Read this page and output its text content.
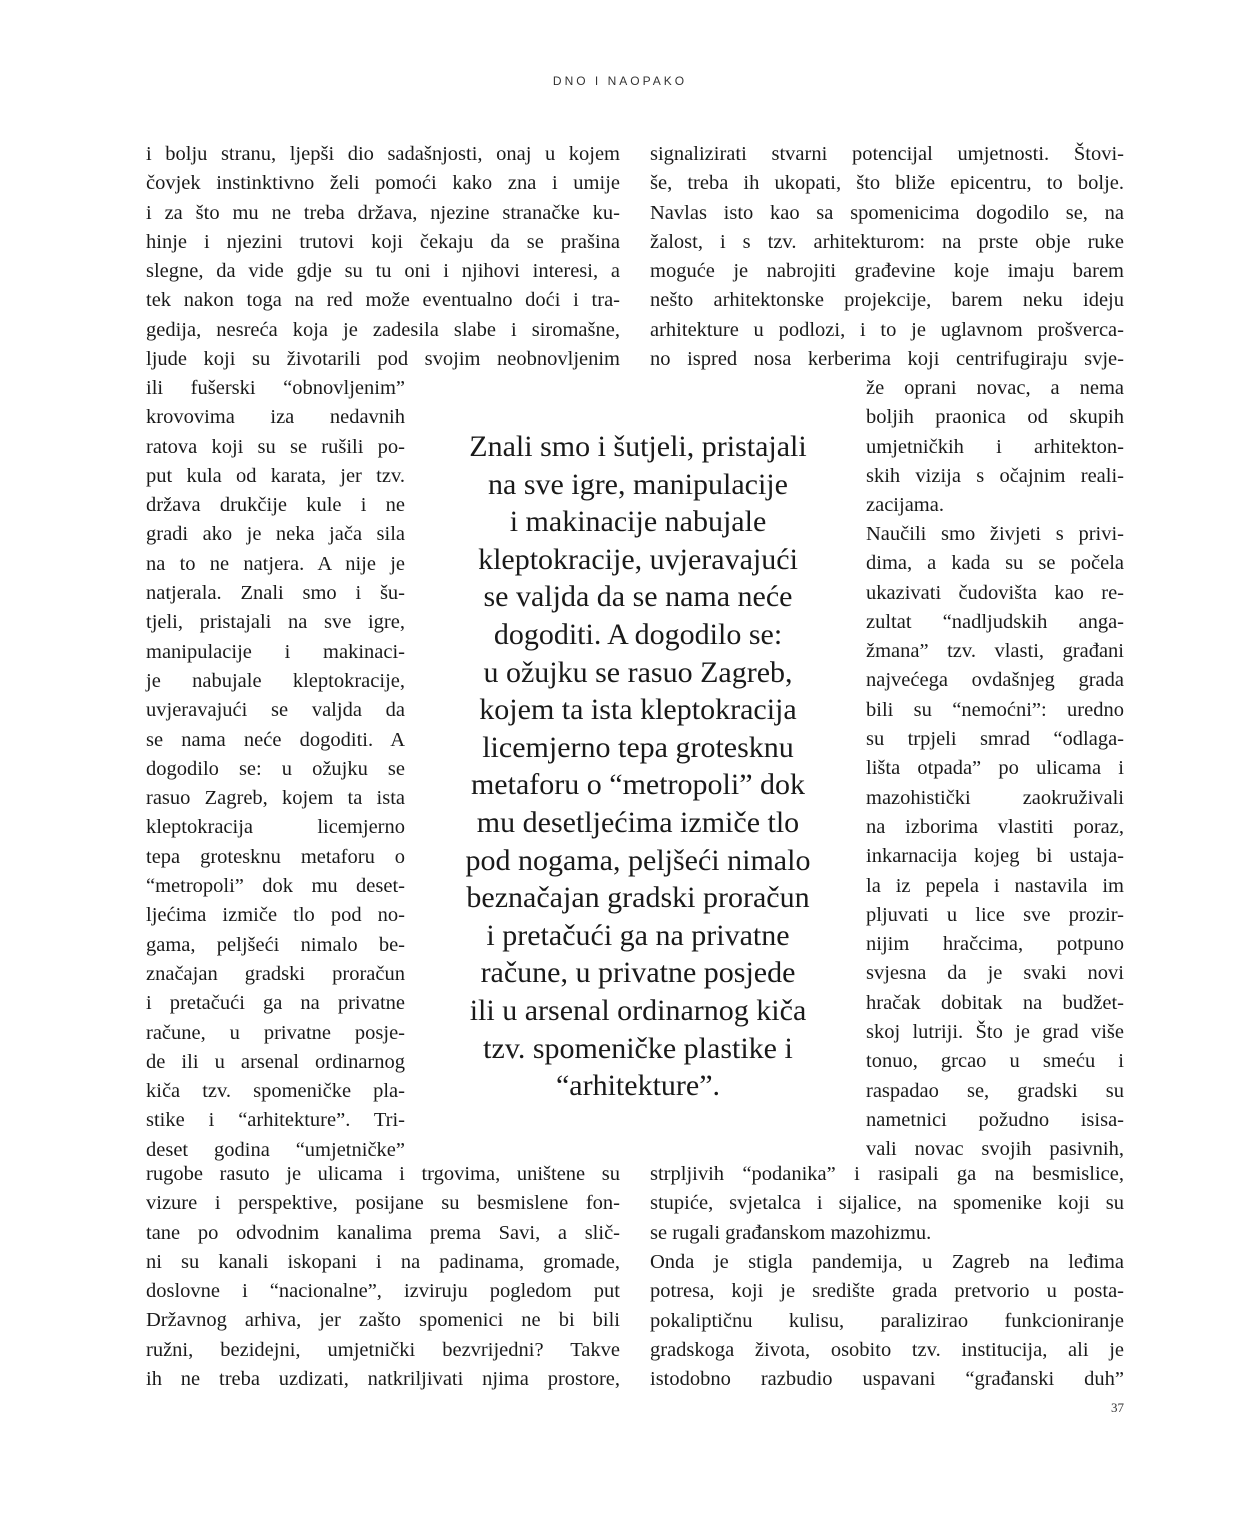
DNO I NAOPAKO
i bolju stranu, ljepši dio sadašnjosti, onaj u kojem
čovjek instinktivno želi pomoći kako zna i umije
i za što mu ne treba država, njezine stranačke ku-
hinje i njezini trutovi koji čekaju da se prašina
slegne, da vide gdje su tu oni i njihovi interesi, a
tek nakon toga na red može eventualno doći i tra-
gedija, nesreća koja je zadesila slabe i siromašne,
ljude koji su životarili pod svojim neobnovljenim
ili fušerski “obnovljenim”
krovovima iza nedavnih
ratova koji su se rušili po-
put kula od karata, jer tzv.
država drukčije kule i ne
gradi ako je neka jača sila
na to ne natjera. A nije je
natjerala. Znali smo i šu-
tjeli, pristajali na sve igre,
manipulacije i makinaci-
je nabujale kleptokracije,
uvjeravajući se valjda da
se nama neće dogoditi. A
dogodilo se: u ožujku se
rasuo Zagreb, kojem ta ista
kleptokracija licemjerno
tepa grotesknu metaforu o
“metropoli” dok mu deset-
ljećima izmiče tlo pod no-
gama, peljšeći nimalo be-
značajan gradski proračun
i pretačući ga na privatne
račune, u privatne posje-
de ili u arsenal ordinarnog
kiča tzv. spomeničke pla-
stike i “arhitekture”. Tri-
deset godina “umjetničke”
rugobe rasuto je ulicama i trgovima, uništene su
vizure i perspektive, posijane su besmislene fon-
tane po odvodnim kanalima prema Savi, a slič-
ni su kanali iskopani i na padinama, gromade,
doslovne i “nacionalne”, izviruju pogledom put
Državnog arhiva, jer zašto spomenici ne bi bili
ružni, bezidejni, umjetnički bezvrijedni? Takve
ih ne treba uzdizati, natkriljivati njima prostore,
signalizirati stvarni potencijal umjetnosti. Štovi-
še, treba ih ukopati, što bliže epicentru, to bolje.
Navlas isto kao sa spomenicima dogodilo se, na
žalost, i s tzv. arhitekturom: na prste obje ruke
moguće je nabrojiti građevine koje imaju barem
nešto arhitektonske projekcije, barem neku ideju
arhitekture u podlozi, i to je uglavnom prošverca-
no ispred nosa kerberima koji centrifugiraju svje-
že oprani novac, a nema
boljih praonica od skupih
umjetničkih i arhitekton-
skih vizija s očajnim reali-
zacijama.
Naučili smo živjeti s privi-
dima, a kada su se počela
ukazivati čudovišta kao re-
zultat “nadljudskih anga-
žmana” tzv. vlasti, građani
najvećega ovdašnjeg grada
bili su “nemoćni”: uredno
su trpjeli smrad “odlaga-
lišta otpada” po ulicama i
mazohistički zaokruživali
na izborima vlastiti poraz,
inkarnacija kojeg bi ustaja-
la iz pepela i nastavila im
pljuvati u lice sve prozir-
nijim hračcima, potpuno
svjesna da je svaki novi
hračak dobitak na budžet-
skoj lutriji. Što je grad više
tonuo, grcao u smeću i
raspadao se, gradski su
nametnici požudno isisa-
vali novac svojih pasivnih,
strpljivih “podanika” i rasipali ga na besmislice,
stupiće, svjetalca i sijalice, na spomenike koji su
se rugali građanskom mazohizmu.
Onda je stigla pandemija, u Zagreb na leđima
potresa, koji je središte grada pretvorio u posta-
pokaliptičnu kulisu, paralizirao funkcioniranje
gradskoga života, osobito tzv. institucija, ali je
istodobno razbudio uspavani “građanski duh”
Znali smo i šutjeli, pristajali
na sve igre, manipulacije
i makinacije nabujale
kleptokracije, uvjeravajući
se valjda da se nama neće
dogoditi. A dogodilo se:
u ožujku se rasuo Zagreb,
kojem ta ista kleptokracija
licemjerno tepa grotesknu
metaforu o “metropoli” dok
mu desetljećima izmiče tlo
pod nogama, peljšeći nimalo
beznačajan gradski proračun
i pretačući ga na privatne
račune, u privatne posjede
ili u arsenal ordinarnog kiča
tzv. spomeničke plastike i
“arhitekture”.
37
